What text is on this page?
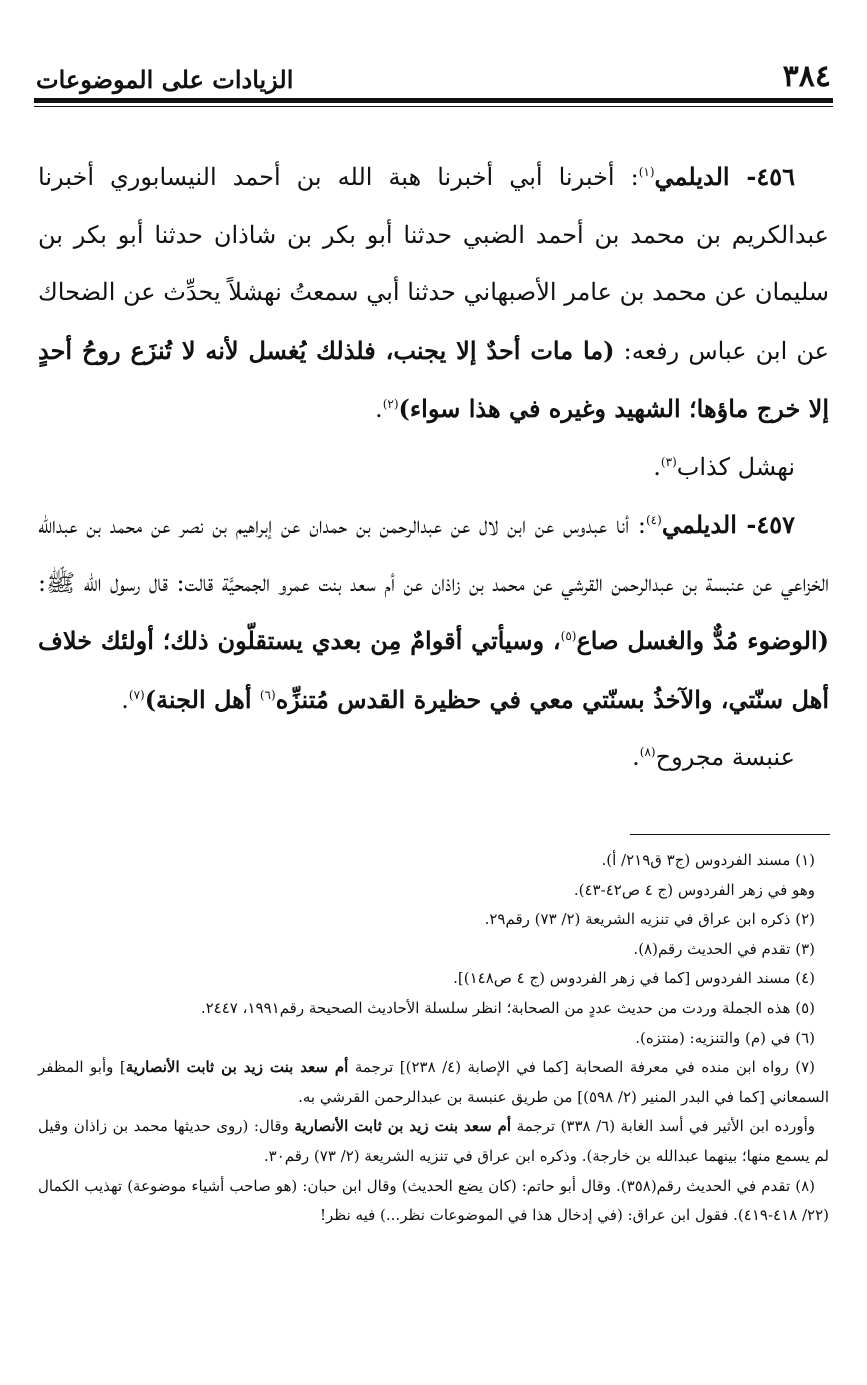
٣٨٤
الزيادات على الموضوعات

٤٥٦- الديلمي$^{(١)}$: أخبرنا أبي أخبرنا هبة الله بن أحمد النيسابوري أخبرنا عبدالكريم بن محمد بن أحمد الضبي حدثنا أبو بكر بن شاذان حدثنا أبو بكر بن سليمان عن محمد بن عامر الأصبهاني حدثنا أبي سمعتُ نهشلاً يحدِّث عن الضحاك عن ابن عباس رفعه: (ما مات أحدٌ إلا يجنب، فلذلك يُغسل لأنه لا تُنزَع روحُ أحدٍ إلا خرج ماؤها؛ الشهيد وغيره في هذا سواء)$^{(٢)}$.

نهشل كذاب$^{(٣)}$.

٤٥٧- الديلمي$^{(٤)}$: أنا عبدوس عن ابن لال عن عبدالرحمن بن حمدان عن إبراهيم بن نصر عن محمد بن عبدالله الخزاعي عن عنبسة بن عبدالرحمن القرشي عن محمد بن زاذان عن أم سعد بنت عمرو الجمحيَّة قالت: قال رسول الله ﷺ: (الوضوء مُدٌّ والغسل صاع$^{(٥)}$، وسيأتي أقوامٌ مِن بعدي يستقلّون ذلك؛ أولئك خلاف أهل سنّتي، والآخذُ بسنّتي معي في حظيرة القدس مُتنزِّه$^{(٦)}$ أهل الجنة)$^{(٧)}$.

عنبسة مجروح$^{(٨)}$.

(١) مسند الفردوس (ج٣ ق٢١٩/ أ).

وهو في زهر الفردوس (ج ٤ ص٤٢-٤٣).

(٢) ذكره ابن عراق في تنزيه الشريعة (٢/ ٧٣) رقم٢٩.

(٣) تقدم في الحديث رقم(٨).

(٤) مسند الفردوس [كما في زهر الفردوس (ج ٤ ص١٤٨)].

(٥) هذه الجملة وردت من حديث عددٍ من الصحابة؛ انظر سلسلة الأحاديث الصحيحة رقم١٩٩١، ٢٤٤٧.

(٦) في (م) والتنزيه: (منتزه).

(٧) رواه ابن منده في معرفة الصحابة [كما في الإصابة (٤/ ٢٣٨)] ترجمة أم سعد بنت زيد بن ثابت الأنصارية] وأبو المظفر السمعاني [كما في البدر المنير (٢/ ٥٩٨)] من طريق عنبسة بن عبدالرحمن القرشي به.

وأورده ابن الأثير في أسد الغابة (٦/ ٣٣٨) ترجمة أم سعد بنت زيد بن ثابت الأنصارية وقال: (روى حديثها محمد بن زاذان وقيل لم يسمع منها؛ بينهما عبدالله بن خارجة). وذكره ابن عراق في تنزيه الشريعة (٢/ ٧٣) رقم٣٠.

(٨) تقدم في الحديث رقم(٣٥٨). وقال أبو حاتم: (كان يضع الحديث) وقال ابن حبان: (هو صاحب أشياء موضوعة) تهذيب الكمال (٢٢/ ٤١٨-٤١٩). فقول ابن عراق: (في إدخال هذا في الموضوعات نظر...) فيه نظر!
